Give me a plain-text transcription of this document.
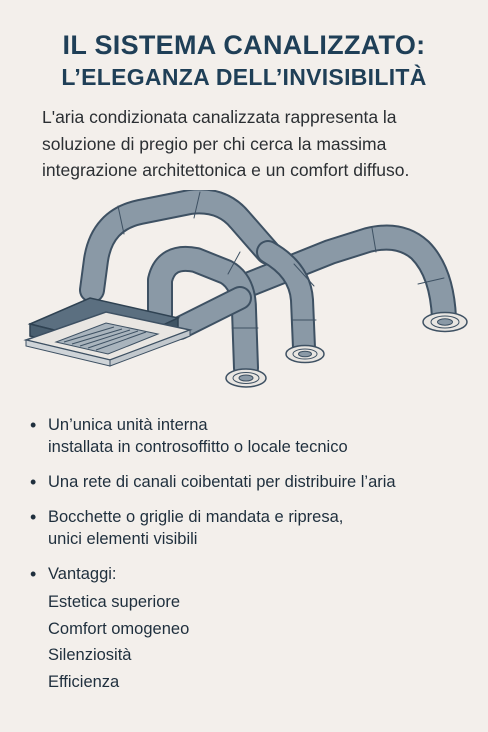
IL SISTEMA CANALIZZATO:
L’ELEGANZA DELL’INVISIBILITÀ
L'aria condizionata canalizzata rappresenta la
soluzione di pregio per chi cerca la massima
integrazione architettonica e un comfort diffuso.
• Un’unica unità interna
installata in controsoffitto o locale tecnico
• Una rete di canali coibentati per distribuire l’aria
• Bocchette o griglie di mandata e ripresa,
unici elementi visibili
• Vantaggi:
Estetica superiore
Comfort omogeneo
Silenziosità
Efficienza
